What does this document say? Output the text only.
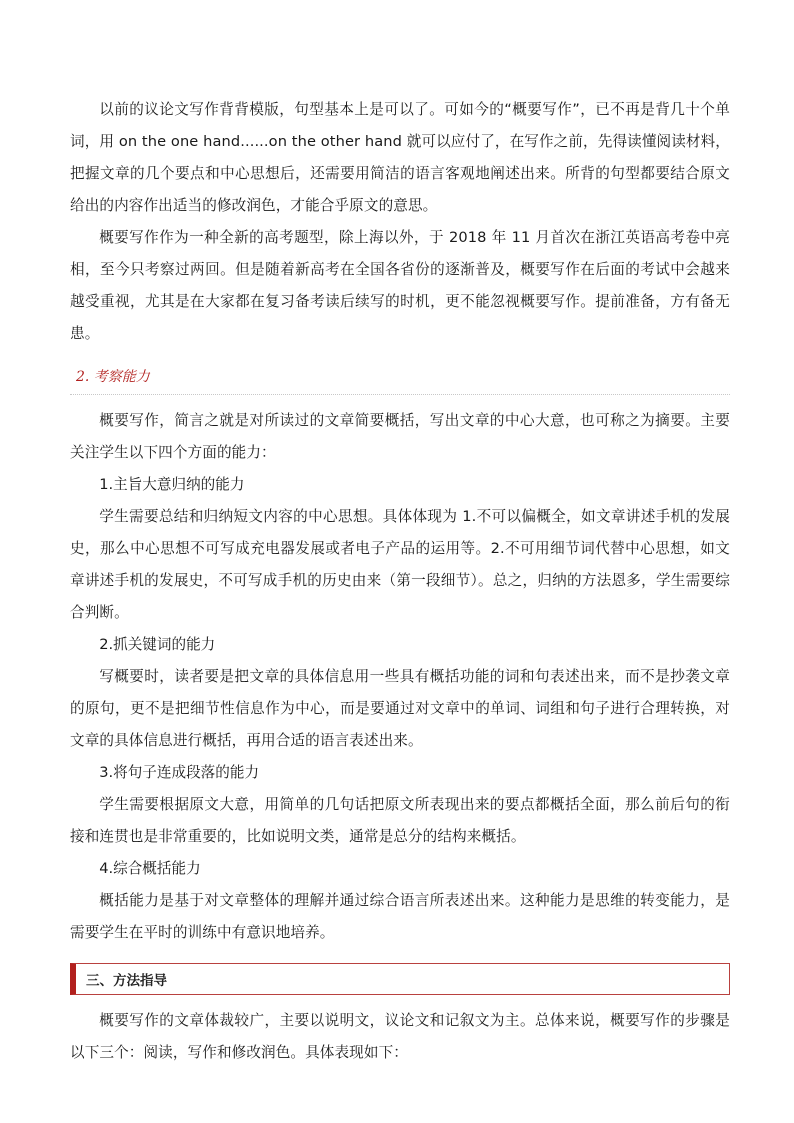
以前的议论文写作背背模版，句型基本上是可以了。可如今的“概要写作”，已不再是背几十个单词，用 on the one hand......on the other hand 就可以应付了，在写作之前，先得读懂阅读材料，把握文章的几个要点和中心思想后，还需要用简洁的语言客观地阐述出来。所背的句型都要结合原文给出的内容作出适当的修改润色，才能合乎原文的意思。

概要写作作为一种全新的高考题型，除上海以外，于 2018 年 11 月首次在浙江英语高考卷中亮相，至今只考察过两回。但是随着新高考在全国各省份的逐渐普及，概要写作在后面的考试中会越来越受重视，尤其是在大家都在复习备考读后续写的时机，更不能忽视概要写作。提前准备，方有备无患。

2. 考察能力

概要写作，简言之就是对所读过的文章简要概括，写出文章的中心大意，也可称之为摘要。主要关注学生以下四个方面的能力：

1.主旨大意归纳的能力

学生需要总结和归纳短文内容的中心思想。具体体现为 1.不可以偏概全，如文章讲述手机的发展史，那么中心思想不可写成充电器发展或者电子产品的运用等。2.不可用细节词代替中心思想，如文章讲述手机的发展史，不可写成手机的历史由来（第一段细节）。总之，归纳的方法恩多，学生需要综合判断。

2.抓关键词的能力

写概要时，读者要是把文章的具体信息用一些具有概括功能的词和句表述出来，而不是抄袭文章的原句，更不是把细节性信息作为中心，而是要通过对文章中的单词、词组和句子进行合理转换，对文章的具体信息进行概括，再用合适的语言表述出来。

3.将句子连成段落的能力

学生需要根据原文大意，用简单的几句话把原文所表现出来的要点都概括全面，那么前后句的衔接和连贯也是非常重要的，比如说明文类，通常是总分的结构来概括。

4.综合概括能力

概括能力是基于对文章整体的理解并通过综合语言所表述出来。这种能力是思维的转变能力，是需要学生在平时的训练中有意识地培养。

三、方法指导

概要写作的文章体裁较广，主要以说明文，议论文和记叙文为主。总体来说，概要写作的步骤是以下三个：阅读，写作和修改润色。具体表现如下：
